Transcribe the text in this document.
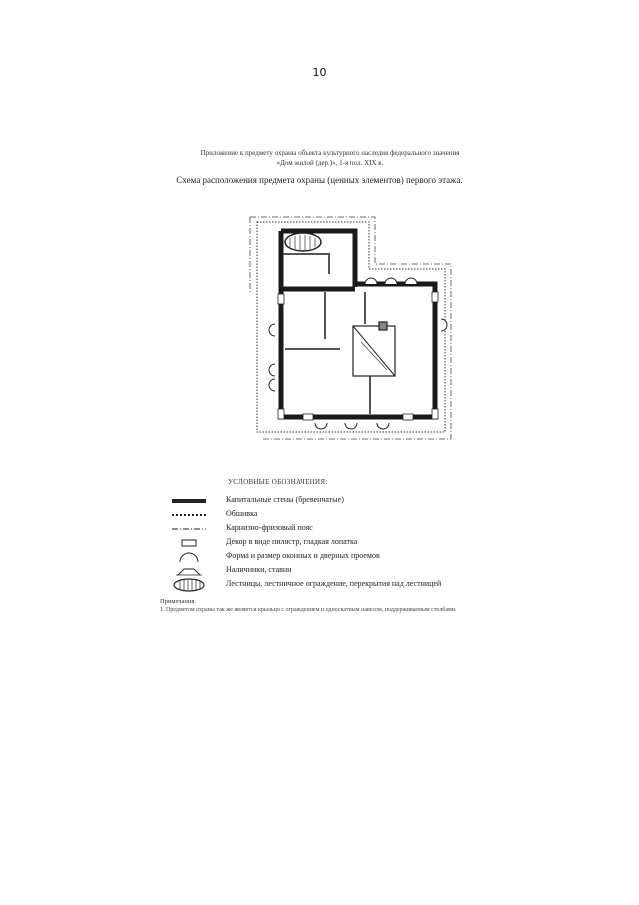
10
Приложение к предмету охраны объекта культурного наследия федерального значения
«Дом жилой (дер.)», 1-я пол. XIX в.
Схема расположения предмета охраны (ценных элементов) первого этажа.
УСЛОВНЫЕ ОБОЗНАЧЕНИЯ:
Капитальные стены (бревенчатые)
Обшивка
Карнизно-фризовый пояс
Декор в виде пилястр, гладкая лопатка
Форма и размер оконных и дверных проемов
Наличники, ставни
Лестницы, лестничное ограждение, перекрытия над лестницей
Примечания.
1. Предметом охраны так же является крыльцо с ограждением и односкатным навесом, поддерживаемым столбами.
